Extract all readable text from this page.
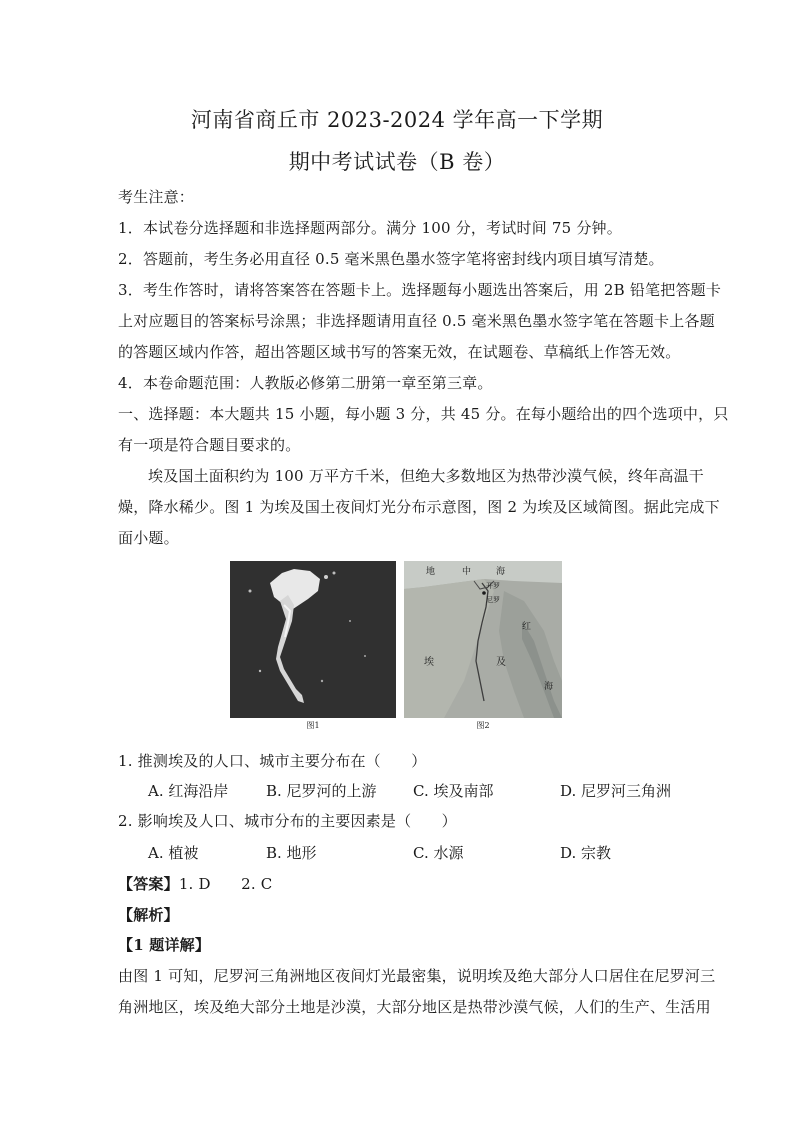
河南省商丘市 2023-2024 学年高一下学期
期中考试试卷（B 卷）
考生注意：
1．本试卷分选择题和非选择题两部分。满分 100 分，考试时间 75 分钟。
2．答题前，考生务必用直径 0.5 毫米黑色墨水签字笔将密封线内项目填写清楚。
3．考生作答时，请将答案答在答题卡上。选择题每小题选出答案后，用 2B 铅笔把答题卡
上对应题目的答案标号涂黑；非选择题请用直径 0.5 毫米黑色墨水签字笔在答题卡上各题
的答题区域内作答，超出答题区域书写的答案无效，在试题卷、草稿纸上作答无效。
4．本卷命题范围：人教版必修第二册第一章至第三章。
一、选择题：本大题共 15 小题，每小题 3 分，共 45 分。在每小题给出的四个选项中，只
有一项是符合题目要求的。
埃及国土面积约为 100 万平方千米，但绝大多数地区为热带沙漠气候，终年高温干
燥，降水稀少。图 1 为埃及国土夜间灯光分布示意图，图 2 为埃及区域简图。据此完成下
面小题。
图1
地	中	海
开罗
尼罗
埃	及
红
海
图2
1. 推测埃及的人口、城市主要分布在（　　）
A. 红海沿岸	B. 尼罗河的上游 C. 埃及南部	D. 尼罗河三角洲
2. 影响埃及人口、城市分布的主要因素是（　　）
A. 植被	B. 地形	C. 水源	D. 宗教
【答案】1. D　　2. C
【解析】
【1 题详解】
由图 1 可知，尼罗河三角洲地区夜间灯光最密集，说明埃及绝大部分人口居住在尼罗河三
角洲地区，埃及绝大部分土地是沙漠，大部分地区是热带沙漠气候，人们的生产、生活用
